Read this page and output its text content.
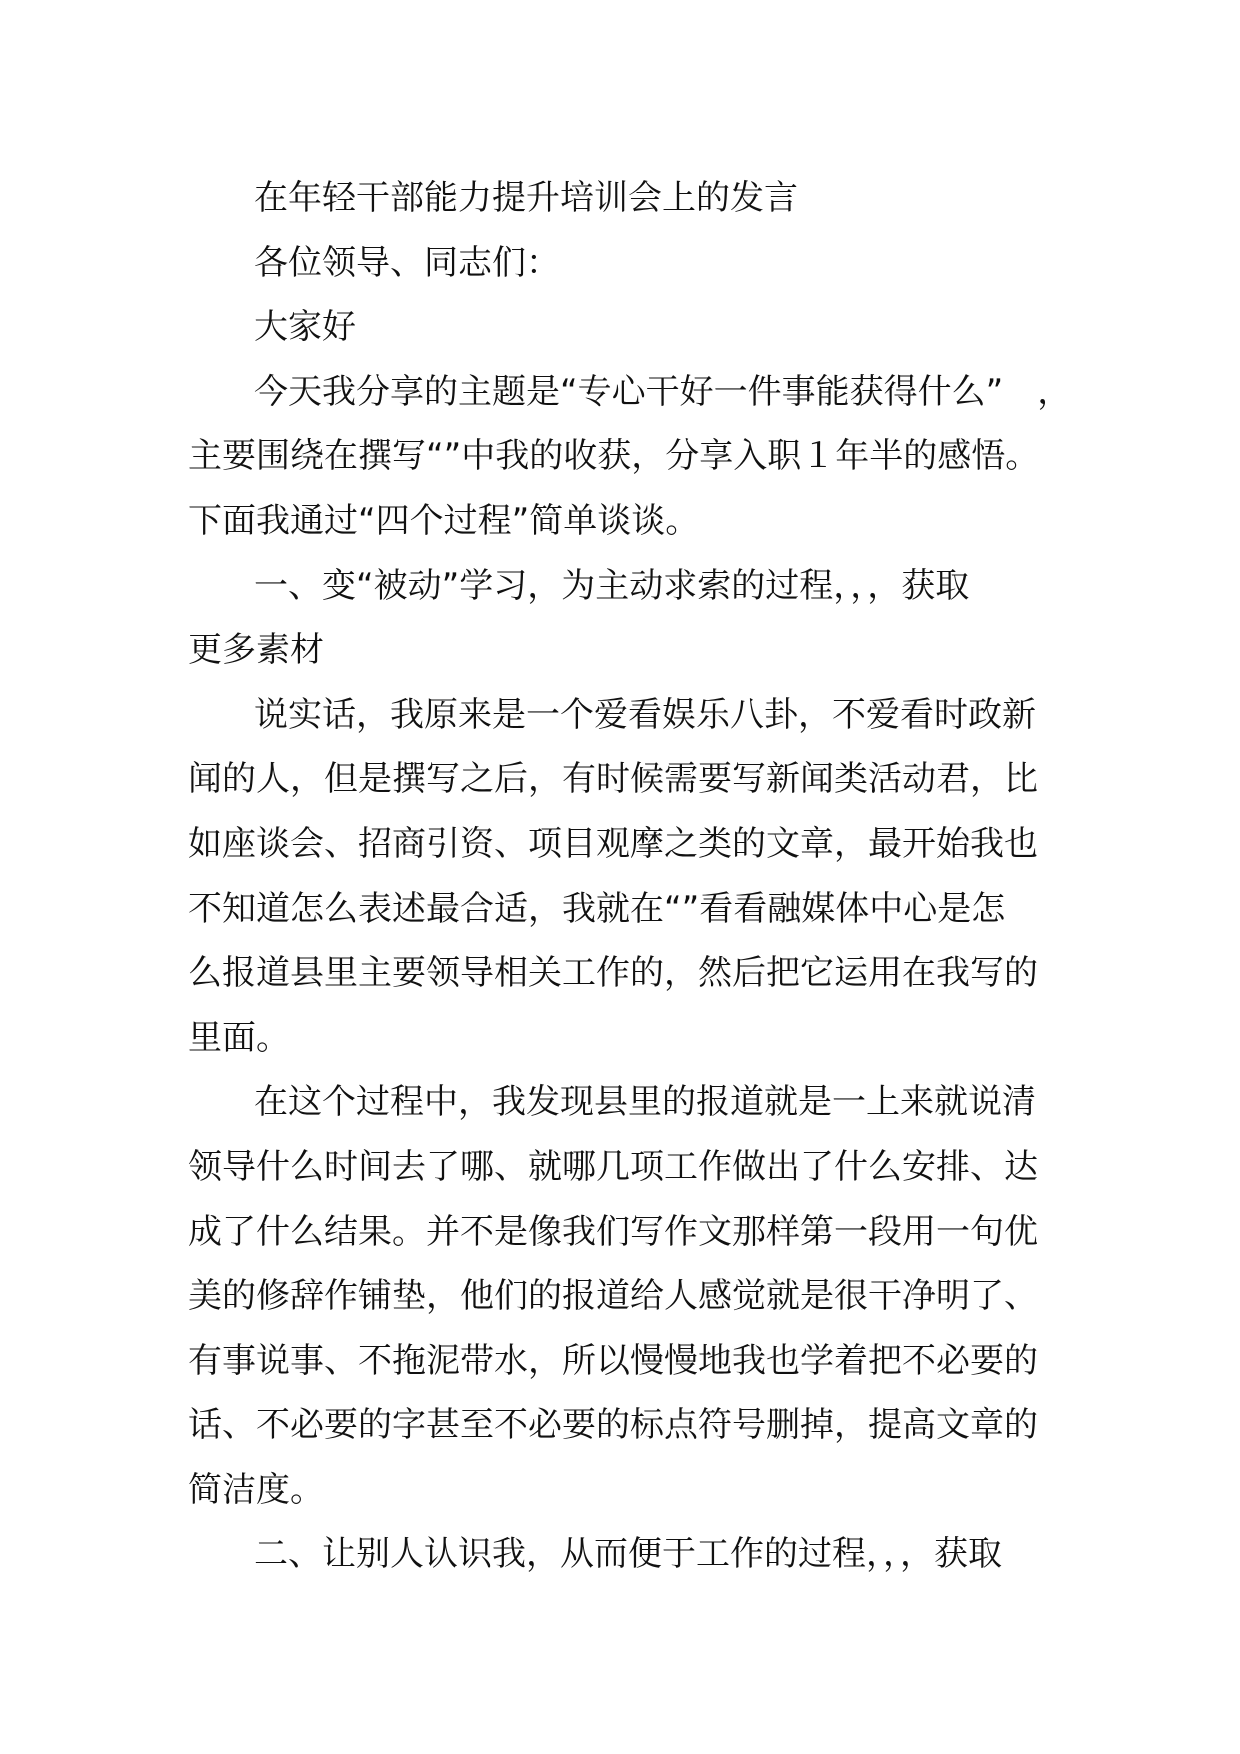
在年轻干部能力提升培训会上的发言
各位领导、同志们：
大家好
今天我分享的主题是“专心干好一件事能获得什么”　，
主要围绕在撰写“”中我的收获，分享入职１年半的感悟。
下面我通过“四个过程”简单谈谈。
一、变“被动”学习，为主动求索的过程，，，获取
更多素材
说实话，我原来是一个爱看娱乐八卦，不爱看时政新
闻的人，但是撰写之后，有时候需要写新闻类活动君，比
如座谈会、招商引资、项目观摩之类的文章，最开始我也
不知道怎么表述最合适，我就在“”看看融媒体中心是怎
么报道县里主要领导相关工作的，然后把它运用在我写的
里面。
在这个过程中，我发现县里的报道就是一上来就说清
领导什么时间去了哪、就哪几项工作做出了什么安排、达
成了什么结果。并不是像我们写作文那样第一段用一句优
美的修辞作铺垫，他们的报道给人感觉就是很干净明了、
有事说事、不拖泥带水，所以慢慢地我也学着把不必要的
话、不必要的字甚至不必要的标点符号删掉，提高文章的
简洁度。
二、让别人认识我，从而便于工作的过程，，，获取
